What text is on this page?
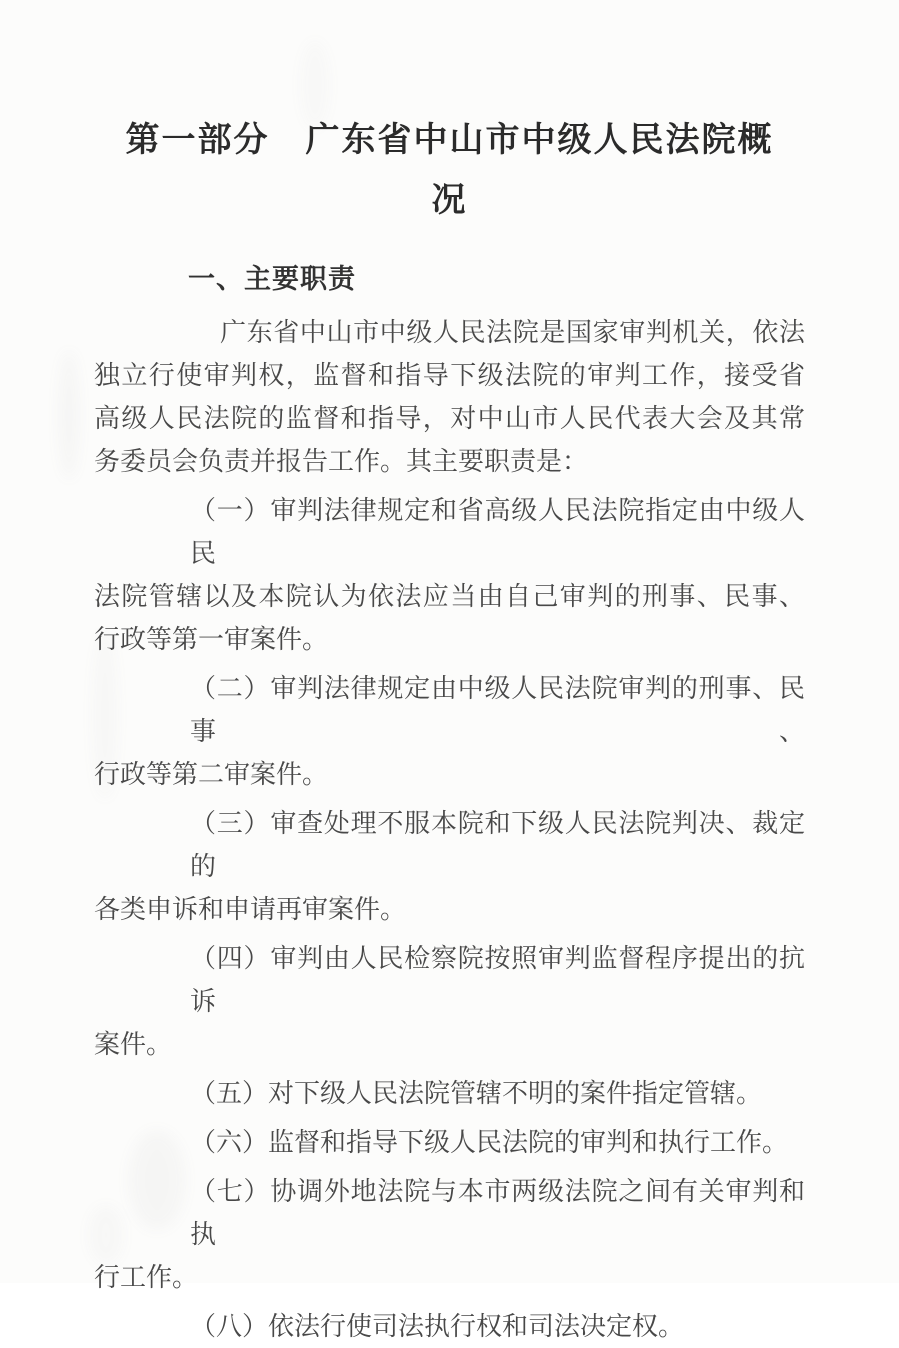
第一部分　广东省中山市中级人民法院概
况
一、主要职责

广东省中山市中级人民法院是国家审判机关，依法
独立行使审判权，监督和指导下级法院的审判工作，接受省
高级人民法院的监督和指导，对中山市人民代表大会及其常
务委员会负责并报告工作。其主要职责是：

（一）审判法律规定和省高级人民法院指定由中级人民
法院管辖以及本院认为依法应当由自己审判的刑事、民事、
行政等第一审案件。

（二）审判法律规定由中级人民法院审判的刑事、民事、
行政等第二审案件。

（三）审查处理不服本院和下级人民法院判决、裁定的
各类申诉和申请再审案件。

（四）审判由人民检察院按照审判监督程序提出的抗诉
案件。

（五）对下级人民法院管辖不明的案件指定管辖。

（六）监督和指导下级人民法院的审判和执行工作。

（七）协调外地法院与本市两级法院之间有关审判和执
行工作。

（八）依法行使司法执行权和司法决定权。
